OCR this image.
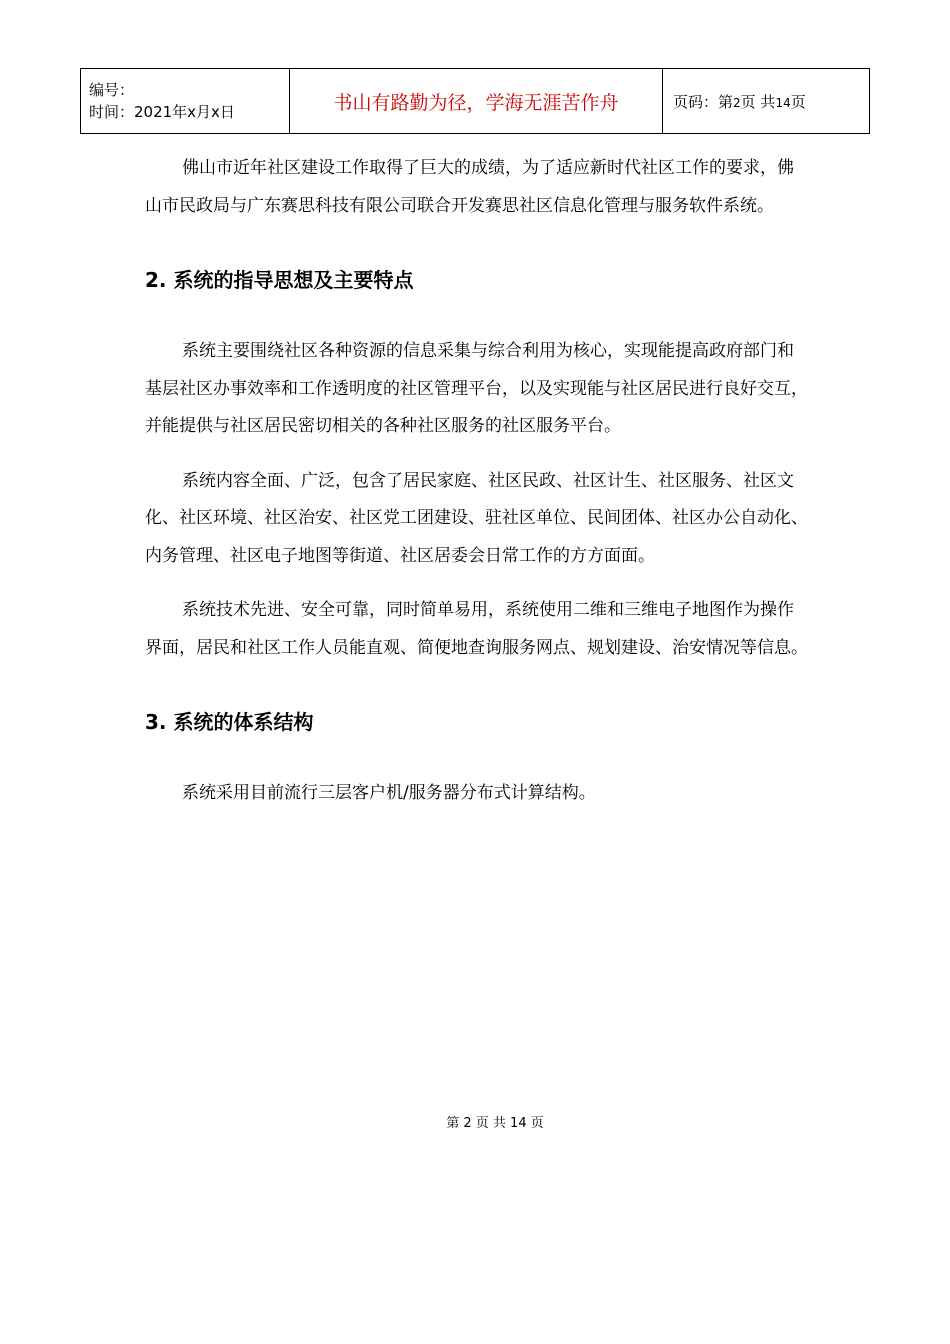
编号：
时间：2021年x月x日	书山有路勤为径，学海无涯苦作舟	页码：第2页 共14页

佛山市近年社区建设工作取得了巨大的成绩，为了适应新时代社区工作的要求，佛山市民政局与广东赛思科技有限公司联合开发赛思社区信息化管理与服务软件系统。

2. 系统的指导思想及主要特点

系统主要围绕社区各种资源的信息采集与综合利用为核心，实现能提高政府部门和基层社区办事效率和工作透明度的社区管理平台，以及实现能与社区居民进行良好交互，并能提供与社区居民密切相关的各种社区服务的社区服务平台。

系统内容全面、广泛，包含了居民家庭、社区民政、社区计生、社区服务、社区文化、社区环境、社区治安、社区党工团建设、驻社区单位、民间团体、社区办公自动化、内务管理、社区电子地图等街道、社区居委会日常工作的方方面面。

系统技术先进、安全可靠，同时简单易用，系统使用二维和三维电子地图作为操作界面，居民和社区工作人员能直观、简便地查询服务网点、规划建设、治安情况等信息。

3. 系统的体系结构

系统采用目前流行三层客户机/服务器分布式计算结构。

第 2 页 共 14 页
